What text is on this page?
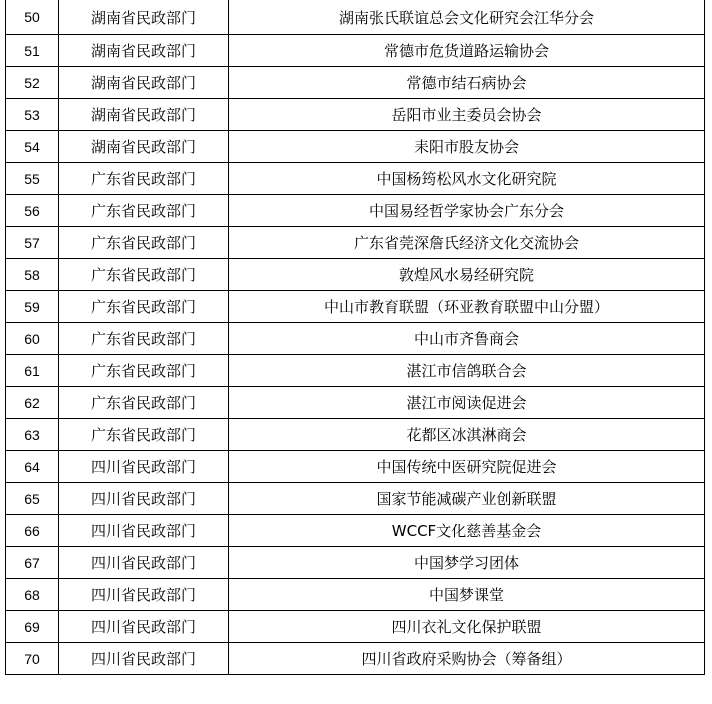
50	湖南省民政部门	湖南张氏联谊总会文化研究会江华分会
51	湖南省民政部门	常德市危货道路运输协会
52	湖南省民政部门	常德市结石病协会
53	湖南省民政部门	岳阳市业主委员会协会
54	湖南省民政部门	耒阳市股友协会
55	广东省民政部门	中国杨筠松风水文化研究院
56	广东省民政部门	中国易经哲学家协会广东分会
57	广东省民政部门	广东省莞深詹氏经济文化交流协会
58	广东省民政部门	敦煌风水易经研究院
59	广东省民政部门	中山市教育联盟（环亚教育联盟中山分盟）
60	广东省民政部门	中山市齐鲁商会
61	广东省民政部门	湛江市信鸽联合会
62	广东省民政部门	湛江市阅读促进会
63	广东省民政部门	花都区冰淇淋商会
64	四川省民政部门	中国传统中医研究院促进会
65	四川省民政部门	国家节能减碳产业创新联盟
66	四川省民政部门	WCCF文化慈善基金会
67	四川省民政部门	中国梦学习团体
68	四川省民政部门	中国梦课堂
69	四川省民政部门	四川衣礼文化保护联盟
70	四川省民政部门	四川省政府采购协会（筹备组）
